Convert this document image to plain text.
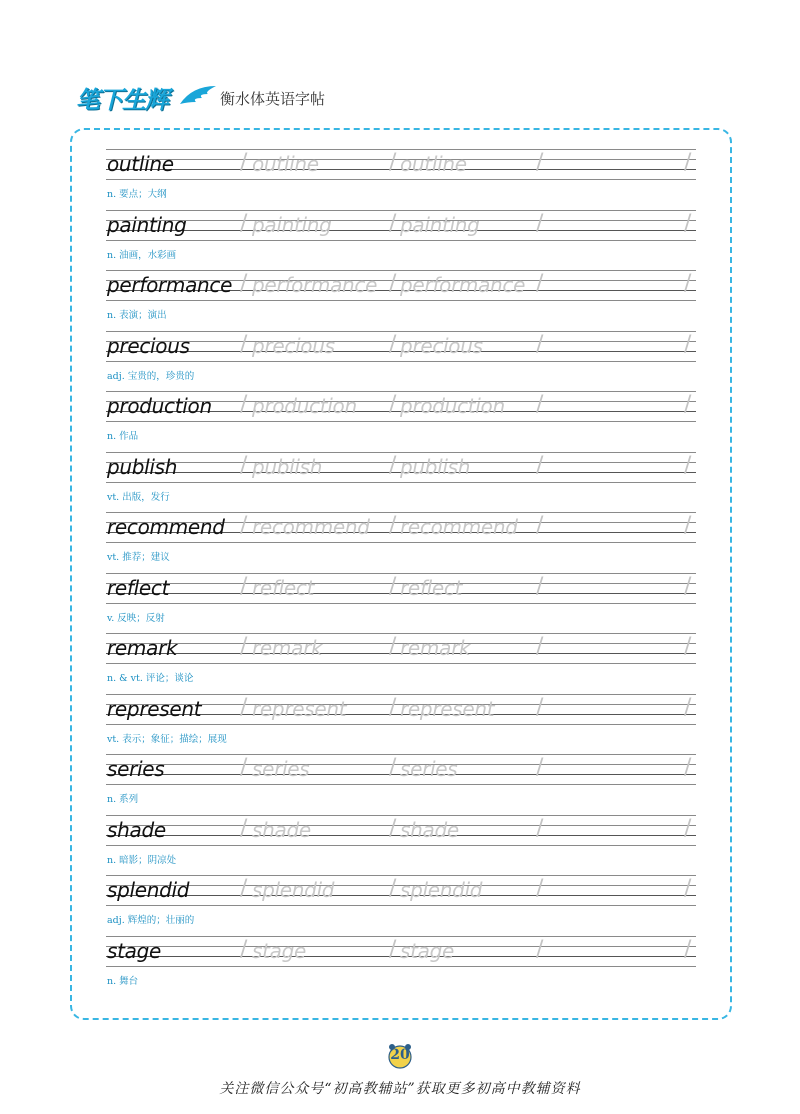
笔下生辉	衡水体英语字帖
outline	/	/	/	/
outline	outline
n. 要点；大纲
painting /	/	/	/
painting	painting
n. 油画，水彩画
performance /	/	/	/
performance performance
n. 表演；演出
precious /	/	/	/
precious	precious
adj. 宝贵的，珍贵的
production /	/	/	/
production production
n. 作品
publish	/	/	/	/
publish	publish
vt. 出版，发行
recommend /	/	/	/
recommend recommend
vt. 推荐；建议
reflect	/	/	/	/
reflect	reflect
v. 反映；反射
remark	/	/	/	/
remark	remark
n. & vt. 评论；谈论
represent /	/	/	/
represent	represent
vt. 表示；象征；描绘；展现
series	/	/	/	/
series	series
n. 系列
shade	/	/	/	/
shade	shade
n. 暗影；阴凉处
splendid /	/	/	/
splendid	splendid
adj. 辉煌的；壮丽的
stage	/	/	/	/
stage	stage
n. 舞台
20
关注微信公众号“初高教辅站”获取更多初高中教辅资料
